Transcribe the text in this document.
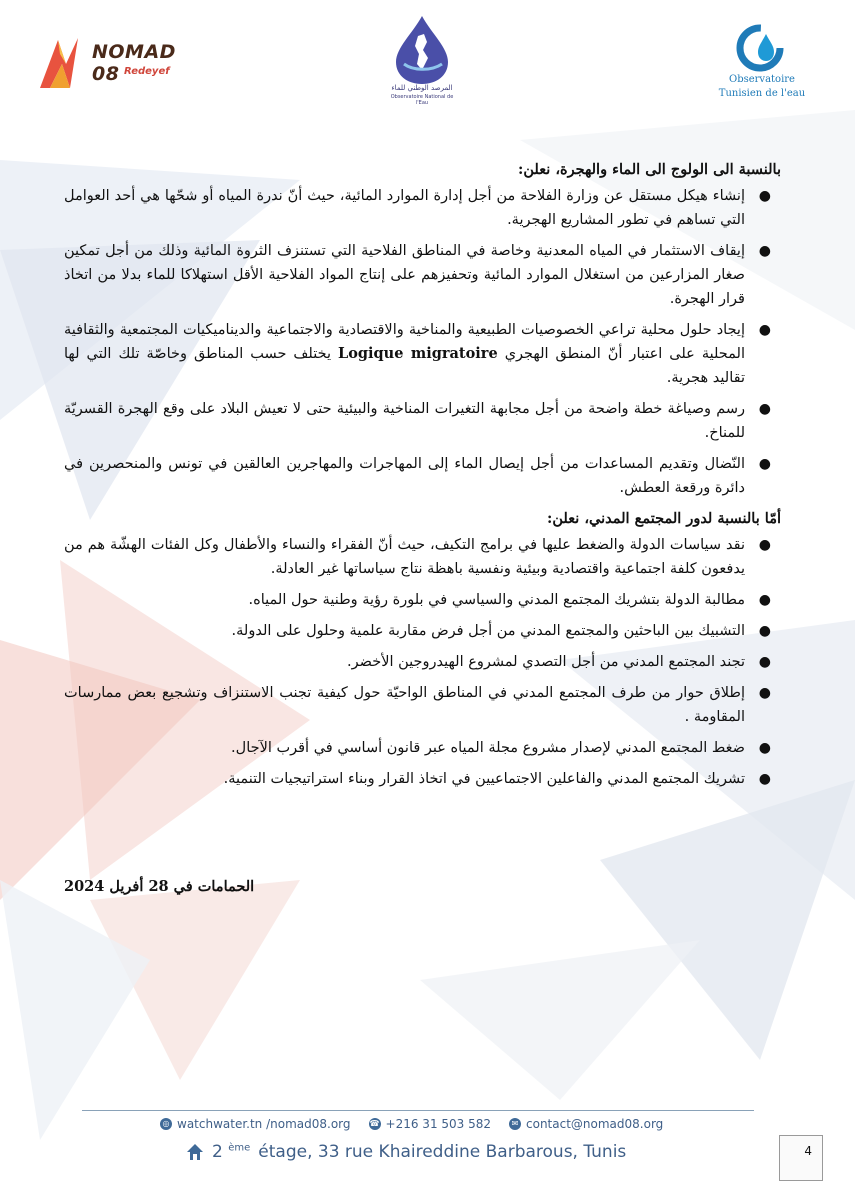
NOMAD 08 Redeyef
المرصد الوطني للماء
Observatoire National de l'Eau
Observatoire
Tunisien de l'eau

بالنسبة الى الولوج الى الماء والهجرة، نعلن:

●
إنشاء هيكل مستقل عن وزارة الفلاحة من أجل إدارة الموارد المائية، حيث أنّ ندرة المياه أو شحّها هي أحد العوامل التي تساهم في تطور المشاريع الهجرية.
●
إيقاف الاستثمار في المياه المعدنية وخاصة في المناطق الفلاحية التي تستنزف الثروة المائية وذلك من أجل تمكين صغار المزارعين من استغلال الموارد المائية وتحفيزهم على إنتاج المواد الفلاحية الأقل استهلاكا للماء بدلا من اتخاذ قرار الهجرة.
●
إيجاد حلول محلية تراعي الخصوصيات الطبيعية والمناخية والاقتصادية والاجتماعية والديناميكيات المجتمعية والثقافية المحلية على اعتبار أنّ المنطق الهجري Logique migratoire يختلف حسب المناطق وخاصّة تلك التي لها تقاليد هجرية.
●
رسم وصياغة خطة واضحة من أجل مجابهة التغيرات المناخية والبيئية حتى لا تعيش البلاد على وقع الهجرة القسريّة للمناخ.
●
النّضال وتقديم المساعدات من أجل إيصال الماء إلى المهاجرات والمهاجرين العالقين في تونس والمنحصرين في دائرة ورقعة العطش.

أمّا بالنسبة لدور المجتمع المدني، نعلن:

●
نقد سياسات الدولة والضغط عليها في برامج التكيف، حيث أنّ الفقراء والنساء والأطفال وكل الفئات الهشّة هم من يدفعون كلفة اجتماعية واقتصادية وبيئية ونفسية باهظة نتاج سياساتها غير العادلة.
●
مطالبة الدولة بتشريك المجتمع المدني والسياسي في بلورة رؤية وطنية حول المياه.
●
التشبيك بين الباحثين والمجتمع المدني من أجل فرض مقاربة علمية وحلول على الدولة.
●
تجند المجتمع المدني من أجل التصدي لمشروع الهيدروجين الأخضر.
●
إطلاق حوار من طرف المجتمع المدني في المناطق الواحيّة حول كيفية تجنب الاستنزاف وتشجيع بعض ممارسات المقاومة .
●
ضغط المجتمع المدني لإصدار مشروع مجلة المياه عبر قانون أساسي في أقرب الآجال.
●
تشريك المجتمع المدني والفاعلين الاجتماعيين في اتخاذ القرار وبناء استراتيجيات التنمية.
الحمامات في 28 أفريل 2024
◎ watchwater.tn /nomad08.org ☎ +216 31 503 582	✉ contact@nomad08.org
2 $^{ème}$ étage, 33 rue Khaireddine Barbarous, Tunis	4
